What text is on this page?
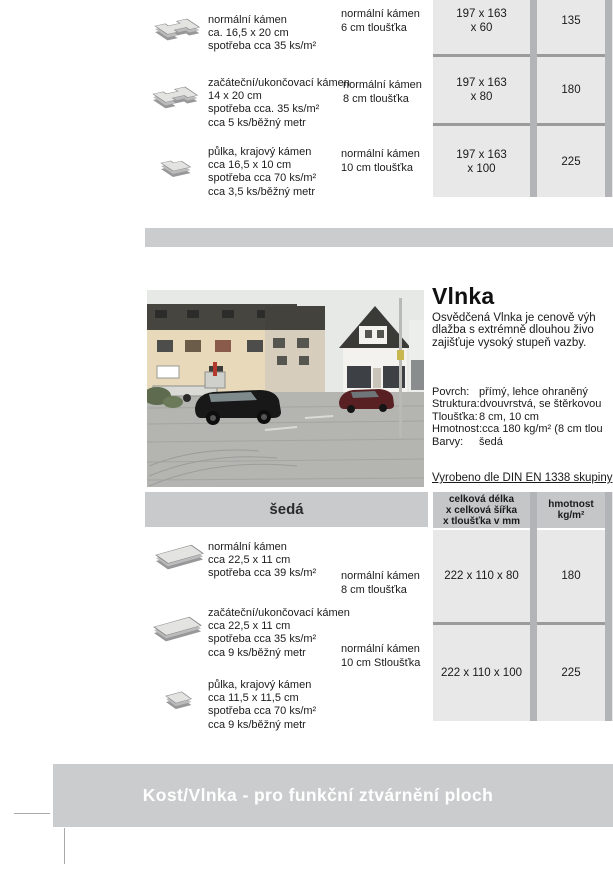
normální kámen
ca. 16,5 x 20 cm
spotřeba cca 35 ks/m²
normální kámen
6 cm tloušťka
začáteční/ukončovací kámen
14 x 20 cm
spotřeba cca. 35 ks/m²
cca 5 ks/běžný metr
normální kámen
8 cm tloušťka
půlka, krajový kámen
cca 16,5 x 10 cm
spotřeba cca 70 ks/m²
cca 3,5 ks/běžný metr
normální kámen
10 cm tloušťka
197 x 163
x 60
197 x 163
x 80
197 x 163
x 100
135
180
225
Vlnka
Osvědčená Vlnka je cenově výh
dlažba s extrémně dlouhou živo
zajišťuje vysoký stupeň vazby.
Povrch: přímý, lehce ohraněný
Struktura:dvouvrstvá, se štěrkovou
Tloušťka:8 cm, 10 cm
Hmotnost:cca 180 kg/m² (8 cm tlou
Barvy: šedá
Vyrobeno dle DIN EN 1338 skupiny
šedá
celková délka
x celková šířka
x tloušťka v mm
222 x 110 x 80
222 x 110 x 100
hmotnost
kg/m²
180
225
normální kámen
cca 22,5 x 11 cm
spotřeba cca 39 ks/m² normální kámen
8 cm tloušťka
začáteční/ukončovací kámen
cca 22,5 x 11 cm
spotřeba cca 35 ks/m²
cca 9 ks/běžný metr	normální kámen
10 cm Stloušťka
půlka, krajový kámen
cca 11,5 x 11,5 cm
spotřeba cca 70 ks/m²
cca 9 ks/běžný metr
Kost/Vlnka - pro funkční ztvárnění ploch
